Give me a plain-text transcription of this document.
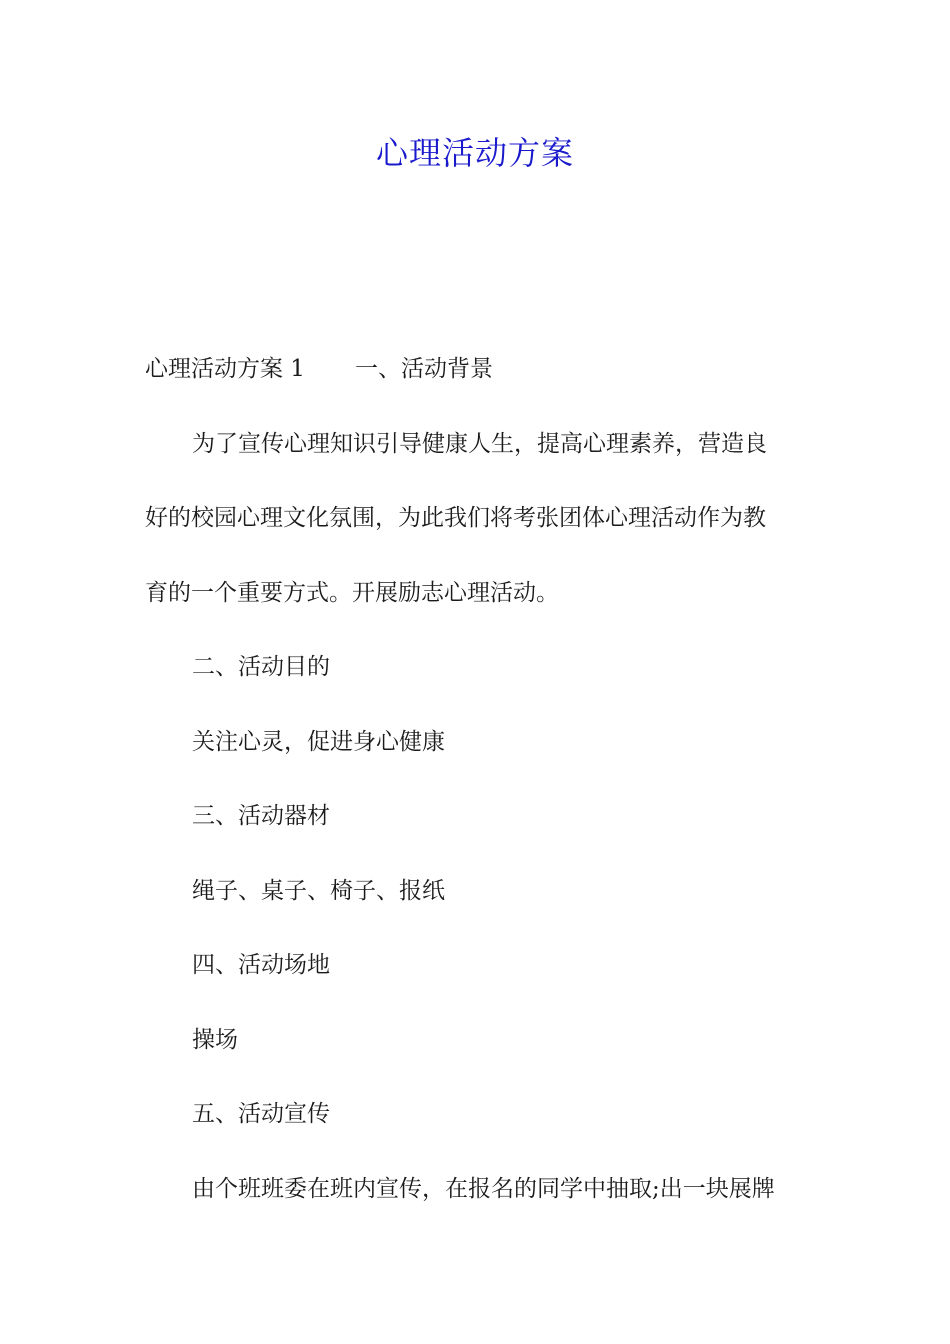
心理活动方案
心理活动方案 1 一、活动背景
为了宣传心理知识引导健康人生，提高心理素养，营造良
好的校园心理文化氛围，为此我们将考张团体心理活动作为教
育的一个重要方式。开展励志心理活动。
二、活动目的
关注心灵，促进身心健康
三、活动器材
绳子、桌子、椅子、报纸
四、活动场地
操场
五、活动宣传
由个班班委在班内宣传，在报名的同学中抽取;出一块展牌
